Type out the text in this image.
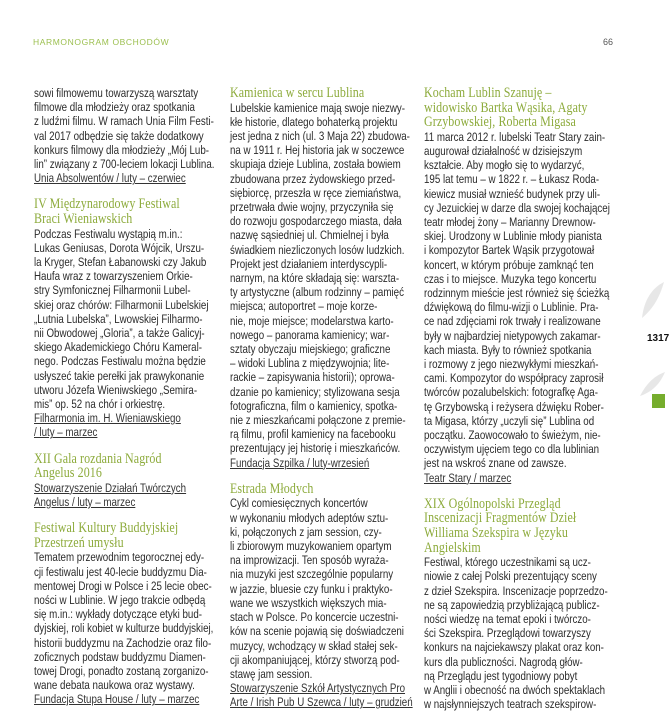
HARMONOGRAM OBCHODÓW	66
sowi filmowemu towarzyszą warsztaty
filmowe dla młodzieży oraz spotkania
z ludźmi filmu. W ramach Unia Film Festi-
val 2017 odbędzie się także dodatkowy
konkurs filmowy dla młodzieży „Mój Lub-
lin” związany z 700-leciem lokacji Lublina.
Unia Absolwentów / luty – czerwiec
IV Międzynarodowy Festiwal
Braci Wieniawskich
Podczas Festiwalu wystąpią m.in.:
Lukas Geniusas, Dorota Wójcik, Urszu-
la Kryger, Stefan Łabanowski czy Jakub
Haufa wraz z towarzyszeniem Orkie-
stry Symfonicznej Filharmonii Lubel-
skiej oraz chórów: Filharmonii Lubelskiej
„Lutnia Lubelska”, Lwowskiej Filharmo-
nii Obwodowej „Gloria”, a także Galicyj-
skiego Akademickiego Chóru Kameral-
nego. Podczas Festiwalu można będzie
usłyszeć takie perełki jak prawykonanie
utworu Józefa Wieniwskiego „Semira-
mis” op. 52 na chór i orkiestrę.
Filharmonia im. H. Wieniawskiego
/ luty – marzec
XII Gala rozdania Nagród
Angelus 2016
Stowarzyszenie Działań Twórczych
Angelus / luty – marzec
Festiwal Kultury Buddyjskiej
Przestrzeń umysłu
Tematem przewodnim tegorocznej edy-
cji festiwalu jest 40-lecie buddyzmu Dia-
mentowej Drogi w Polsce i 25 lecie obec-
ności w Lublinie. W jego trakcie odbędą
się m.in.: wykłady dotyczące etyki bud-
dyjskiej, roli kobiet w kulturze buddyjskiej,
historii buddyzmu na Zachodzie oraz filo-
zoficznych podstaw buddyzmu Diamen-
towej Drogi, ponadto zostaną zorganizo-
wane debata naukowa oraz wystawy.
Fundacja Stupa House / luty – marzec
Kamienica w sercu Lublina
Lubelskie kamienice mają swoje niezwy-
kłe historie, dlatego bohaterką projektu
jest jedna z nich (ul. 3 Maja 22) zbudowa-
na w 1911 r. Hej historia jak w soczewce
skupiaja dzieje Lublina, została bowiem
zbudowana przez żydowskiego przed-
siębiorcę, przeszła w ręce ziemiaństwa,
przetrwała dwie wojny, przyczyniła się
do rozwoju gospodarczego miasta, dała
nazwę sąsiedniej ul. Chmielnej i była
świadkiem niezliczonych losów ludzkich.
Projekt jest działaniem interdyscypli-
narnym, na które składają się: warszta-
ty artystyczne (album rodzinny – pamięć
miejsca; autoportret – moje korze-
nie, moje miejsce; modelarstwa karto-
nowego – panorama kamienicy; war-
sztaty obyczaju miejskiego; graficzne
– widoki Lublina z międzywojnia; lite-
rackie – zapisywania historii); oprowa-
dzanie po kamienicy; stylizowana sesja
fotograficzna, film o kamienicy, spotka-
nie z mieszkańcami połączone z premie-
rą filmu, profil kamienicy na facebooku
prezentujący jej historię i mieszkańców.
Fundacja Szpilka / luty-wrzesień
Estrada Młodych
Cykl comiesięcznych koncertów
w wykonaniu młodych adeptów sztu-
ki, połączonych z jam session, czy-
li zbiorowym muzykowaniem opartym
na improwizacji. Ten sposób wyraża-
nia muzyki jest szczególnie popularny
w jazzie, bluesie czy funku i praktyko-
wane we wszystkich większych mia-
stach w Polsce. Po koncercie uczestni-
ków na scenie pojawią się doświadczeni
muzycy, wchodzący w skład stałej sek-
cji akompaniującej, którzy stworzą pod-
stawę jam session.
Stowarzyszenie Szkół Artystycznych Pro
Arte / Irish Pub U Szewca / luty – grudzień
Kocham Lublin Szanuję –
widowisko Bartka Wąsika, Agaty
Grzybowskiej, Roberta Migasa
11 marca 2012 r. lubelski Teatr Stary zain-
augurował działalność w dzisiejszym
kształcie. Aby mogło się to wydarzyć,
195 lat temu – w 1822 r. – Łukasz Roda-
kiewicz musiał wznieść budynek przy uli-
cy Jezuickiej w darze dla swojej kochającej
teatr młodej żony – Marianny Drewnow-
skiej. Urodzony w Lublinie młody pianista
i kompozytor Bartek Wąsik przygotował
koncert, w którym próbuje zamknąć ten
czas i to miejsce. Muzyka tego koncertu
rodzinnym mieście jest również się ścieżką
dźwiękową do filmu-wizji o Lublinie. Pra-
ce nad zdjęciami rok trwały i realizowane
były w najbardziej nietypowych zakamar-
kach miasta. Były to również spotkania
i rozmowy z jego niezwykłymi mieszkań-
cami. Kompozytor do współpracy zaprosił
twórców pozalubelskich: fotografkę Aga-
tę Grzybowską i reżysera dźwięku Rober-
ta Migasa, którzy „uczyli się” Lublina od
początku. Zaowocowało to świeżym, nie-
oczywistym ujęciem tego co dla lublinian
jest na wskroś znane od zawsze.
Teatr Stary / marzec
XIX Ogólnopolski Przegląd
Inscenizacji Fragmentów Dzieł
Williama Szekspira w Języku
Angielskim
Festiwal, którego uczestnikami są ucz-
niowie z całej Polski prezentujący sceny
z dzieł Szekspira. Inscenizacje poprzedzo-
ne są zapowiedzią przybliżającą publicz-
ności wiedzę na temat epoki i twórczo-
ści Szekspira. Przeglądowi towarzyszy
konkurs na najciekawszy plakat oraz kon-
kurs dla publiczności. Nagrodą głów-
ną Przeglądu jest tygodniowy pobyt
w Anglii i obecność na dwóch spektaklach
w najsłynniejszych teatrach szekspirow-
1317
